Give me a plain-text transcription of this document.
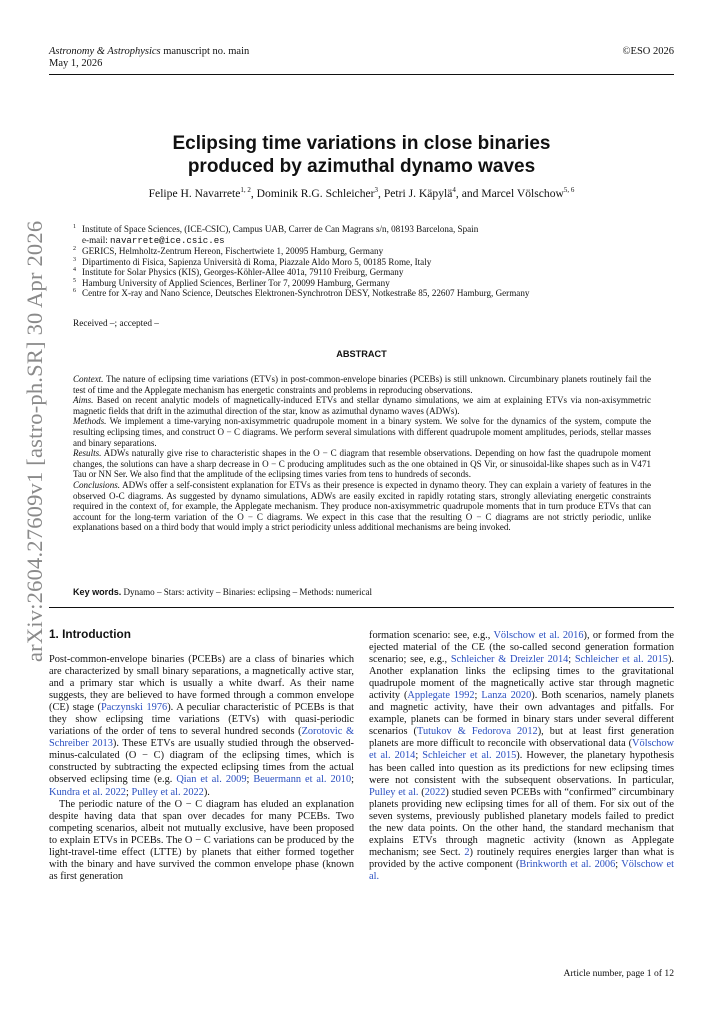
Astronomy & Astrophysics manuscript no. main
May 1, 2026
©ESO 2026
arXiv:2604.27609v1 [astro-ph.SR] 30 Apr 2026
Eclipsing time variations in close binaries
produced by azimuthal dynamo waves
Felipe H. Navarrete$^{1, 2}$, Dominik R.G. Schleicher$^3$, Petri J. Käpylä$^4$, and Marcel Völschow$^{5, 6}$
1 Institute of Space Sciences, (ICE-CSIC), Campus UAB, Carrer de Can Magrans s/n, 08193 Barcelona, Spain
e-mail: navarrete@ice.csic.es
2 GERICS, Helmholtz-Zentrum Hereon, Fischertwiete 1, 20095 Hamburg, Germany
3 Dipartimento di Fisica, Sapienza Università di Roma, Piazzale Aldo Moro 5, 00185 Rome, Italy
4 Institute for Solar Physics (KIS), Georges-Köhler-Allee 401a, 79110 Freiburg, Germany
5 Hamburg University of Applied Sciences, Berliner Tor 7, 20099 Hamburg, Germany
6 Centre for X-ray and Nano Science, Deutsches Elektronen-Synchrotron DESY, Notkestraße 85, 22607 Hamburg, Germany
Received –; accepted –
ABSTRACT
Context. The nature of eclipsing time variations (ETVs) in post-common-envelope binaries (PCEBs) is still unknown. Circumbinary planets routinely fail the test of time and the Applegate mechanism has energetic constraints and problems in reproducing observations.
Aims. Based on recent analytic models of magnetically-induced ETVs and stellar dynamo simulations, we aim at explaining ETVs via non-axisymmetric magnetic fields that drift in the azimuthal direction of the star, know as azimuthal dynamo waves (ADWs).
Methods. We implement a time-varying non-axisymmetric quadrupole moment in a binary system. We solve for the dynamics of the system, compute the resulting eclipsing times, and construct O − C diagrams. We perform several simulations with different quadrupole moment amplitudes, periods, stellar masses and binary separations.
Results. ADWs naturally give rise to characteristic shapes in the O − C diagram that resemble observations. Depending on how fast the quadrupole moment changes, the solutions can have a sharp decrease in O − C producing amplitudes such as the one obtained in QS Vir, or sinusoidal-like shapes such as in V471 Tau or NN Ser. We also find that the amplitude of the eclipsing times varies from tens to hundreds of seconds.
Conclusions. ADWs offer a self-consistent explanation for ETVs as their presence is expected in dynamo theory. They can explain a variety of features in the observed O-C diagrams. As suggested by dynamo simulations, ADWs are easily excited in rapidly rotating stars, strongly alleviating energetic constraints required in the context of, for example, the Applegate mechanism. They produce non-axisymmetric quadrupole moments that in turn produce ETVs that can account for the long-term variation of the O − C diagrams. We expect in this case that the resulting O − C diagrams are not strictly periodic, unlike explanations based on a third body that would imply a strict periodicity unless additional mechanisms are being invoked.
Key words. Dynamo – Stars: activity – Binaries: eclipsing – Methods: numerical
1. Introduction

Post-common-envelope binaries (PCEBs) are a class of binaries which are characterized by small binary separations, a magnetically active star, and a primary star which is usually a white dwarf. As their name suggests, they are believed to have formed through a common envelope (CE) stage (Paczynski 1976). A peculiar characteristic of PCEBs is that they show eclipsing time variations (ETVs) with quasi-periodic variations of the order of tens to several hundred seconds (Zorotovic & Schreiber 2013). These ETVs are usually studied through the observed-minus-calculated (O − C) diagram of the eclipsing times, which is constructed by subtracting the expected eclipsing times from the actual observed eclipsing time (e.g. Qian et al. 2009; Beuermann et al. 2010; Kundra et al. 2022; Pulley et al. 2022).

The periodic nature of the O − C diagram has eluded an explanation despite having data that span over decades for many PCEBs. Two competing scenarios, albeit not mutually exclusive, have been proposed to explain ETVs in PCEBs. The O − C variations can be produced by the light-travel-time effect (LTTE) by planets that either formed together with the binary and have survived the common envelope phase (known as first generation

formation scenario: see, e.g., Völschow et al. 2016), or formed from the ejected material of the CE (the so-called second generation formation scenario; see, e.g., Schleicher & Dreizler 2014; Schleicher et al. 2015). Another explanation links the eclipsing times to the gravitational quadrupole moment of the magnetically active star through magnetic activity (Applegate 1992; Lanza 2020). Both scenarios, namely planets and magnetic activity, have their own advantages and pitfalls. For example, planets can be formed in binary stars under several different scenarios (Tutukov & Fedorova 2012), but at least first generation planets are more difficult to reconcile with observational data (Völschow et al. 2014; Schleicher et al. 2015). However, the planetary hypothesis has been called into question as its predictions for new eclipsing times were not consistent with the subsequent observations. In particular, Pulley et al. (2022) studied seven PCEBs with “confirmed” circumbinary planets providing new eclipsing times for all of them. For six out of the seven systems, previously published planetary models failed to predict the new data points. On the other hand, the standard mechanism that explains ETVs through magnetic activity (known as Applegate mechanism; see Sect. 2) routinely requires energies larger than what is provided by the active component (Brinkworth et al. 2006; Völschow et al.

Article number, page 1 of 12
